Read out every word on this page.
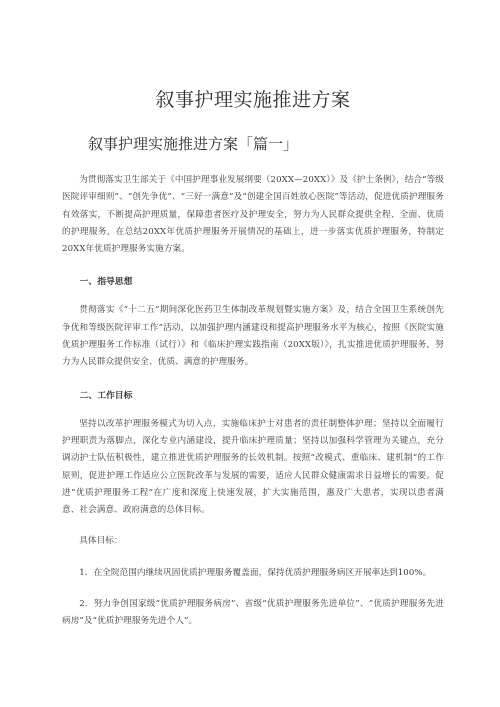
叙事护理实施推进方案
叙事护理实施推进方案「篇一」

为贯彻落实卫生部关于《中国护理事业发展纲要（20XX—20XX）》及《护士条例》，结合“等级医院评审细则”、“创先争优”、“三好一满意”及“创建全国百姓放心医院”等活动，促进优质护理服务有效落实，不断提高护理质量，保障患者医疗及护理安全，努力为人民群众提供全程、全面、优质的护理服务，在总结20XX年优质护理服务开展情况的基础上，进一步落实优质护理服务，特制定20XX年优质护理服务实施方案。

一、指导思想

贯彻落实《“十二五”期间深化医药卫生体制改革规划暨实施方案》及，结合全国卫生系统创先争优和等级医院评审工作”活动，以加强护理内涵建设和提高护理服务水平为核心，按照《医院实施优质护理服务工作标准（试行）》和《临床护理实践指南（20XX版）》，扎实推进优质护理服务，努力为人民群众提供安全、优质、满意的护理服务。

二、工作目标

坚持以改革护理服务模式为切入点，实施临床护士对患者的责任制整体护理；坚持以全面履行护理职责为落脚点，深化专业内涵建设，提升临床护理质量；坚持以加强科学管理为关键点，充分调动护士队伍积极性，建立推进优质护理服务的长效机制。按照“改模式、重临床、建机制”的工作原则，促进护理工作适应公立医院改革与发展的需要，适应人民群众健康需求日益增长的需要。促进“优质护理服务工程”在广度和深度上快速发展，扩大实施范围，惠及广大患者，实现以患者满意、社会满意、政府满意的总体目标。

具体目标：

1．在全院范围内继续巩固优质护理服务覆盖面，保持优质护理服务病区开展率达到100%。

2．努力争创国家级“优质护理服务病房”、省级“优质护理服务先进单位”、“优质护理服务先进病房”及“优质护理服务先进个人”。
